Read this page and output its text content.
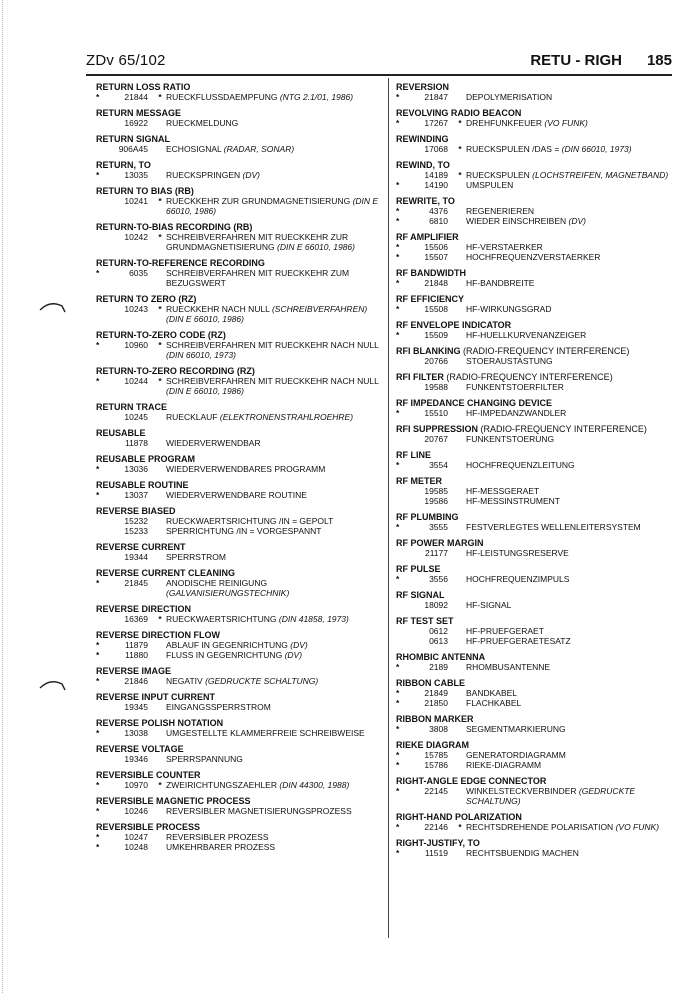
ZDv 65/102	RETU - RIGH 185
RETURN LOSS RATIO
*	21844	* RUECKFLUSSDAEMPFUNG (NTG 2.1/01, 1986)
RETURN MESSAGE
16922	RUECKMELDUNG
RETURN SIGNAL
906A45	ECHOSIGNAL (RADAR, SONAR)
RETURN, TO
*	13035	RUECKSPRINGEN (DV)
RETURN TO BIAS (RB)
10241	* RUECKKEHR ZUR GRUNDMAGNETISIERUNG (DIN E 66010, 1986)
RETURN-TO-BIAS RECORDING (RB)
10242	* SCHREIBVERFAHREN MIT RUECKKEHR ZUR GRUNDMAGNETISIERUNG (DIN E 66010, 1986)
RETURN-TO-REFERENCE RECORDING
*	6035	SCHREIBVERFAHREN MIT RUECKKEHR ZUM BEZUGSWERT
RETURN TO ZERO (RZ)
10243	* RUECKKEHR NACH NULL (SCHREIBVERFAHREN) (DIN E 66010, 1986)
RETURN-TO-ZERO CODE (RZ)
*	10960	* SCHREIBVERFAHREN MIT RUECKKEHR NACH NULL (DIN 66010, 1973)
RETURN-TO-ZERO RECORDING (RZ)
*	10244	* SCHREIBVERFAHREN MIT RUECKKEHR NACH NULL (DIN E 66010, 1986)
RETURN TRACE
10245	RUECKLAUF (ELEKTRONENSTRAHLROEHRE)
REUSABLE
11878	WIEDERVERWENDBAR
REUSABLE PROGRAM
*	13036	WIEDERVERWENDBARES PROGRAMM
REUSABLE ROUTINE
*	13037	WIEDERVERWENDBARE ROUTINE
REVERSE BIASED
15232	RUECKWAERTSRICHTUNG /IN = GEPOLT
15233	SPERRICHTUNG /IN = VORGESPANNT
REVERSE CURRENT
19344	SPERRSTROM
REVERSE CURRENT CLEANING
*	21845	ANODISCHE REINIGUNG (GALVANISIERUNGSTECHNIK)
REVERSE DIRECTION
16369	* RUECKWAERTSRICHTUNG (DIN 41858, 1973)
REVERSE DIRECTION FLOW
*	11879	ABLAUF IN GEGENRICHTUNG (DV)
*	11880	FLUSS IN GEGENRICHTUNG (DV)
REVERSE IMAGE
*	21846	NEGATIV (GEDRUCKTE SCHALTUNG)
REVERSE INPUT CURRENT
19345	EINGANGSSPERRSTROM
REVERSE POLISH NOTATION
*	13038	UMGESTELLTE KLAMMERFREIE SCHREIBWEISE
REVERSE VOLTAGE
19346	SPERRSPANNUNG
REVERSIBLE COUNTER
*	10970	* ZWEIRICHTUNGSZAEHLER (DIN 44300, 1988)
REVERSIBLE MAGNETIC PROCESS
*	10246	REVERSIBLER MAGNETISIERUNGSPROZESS
REVERSIBLE PROCESS
*	10247	REVERSIBLER PROZESS
*	10248	UMKEHRBARER PROZESS
REVERSION
*	21847	DEPOLYMERISATION
REVOLVING RADIO BEACON
*	17267	* DREHFUNKFEUER (VO FUNK)
REWINDING
17068	* RUECKSPULEN /DAS = (DIN 66010, 1973)
REWIND, TO
14189	* RUECKSPULEN (LOCHSTREIFEN, MAGNETBAND)
*	14190	UMSPULEN
REWRITE, TO
*	4376	REGENERIEREN
*	6810	WIEDER EINSCHREIBEN (DV)
RF AMPLIFIER
*	15506	HF-VERSTAERKER
*	15507	HOCHFREQUENZVERSTAERKER
RF BANDWIDTH
*	21848	HF-BANDBREITE
RF EFFICIENCY
*	15508	HF-WIRKUNGSGRAD
RF ENVELOPE INDICATOR
*	15509	HF-HUELLKURVENANZEIGER
RFI BLANKING (RADIO-FREQUENCY INTERFERENCE)
20766	STOERAUSTASTUNG
RFI FILTER (RADIO-FREQUENCY INTERFERENCE)
19588	FUNKENTSTOERFILTER
RF IMPEDANCE CHANGING DEVICE
*	15510	HF-IMPEDANZWANDLER
RFI SUPPRESSION (RADIO-FREQUENCY INTERFERENCE)
20767	FUNKENTSTOERUNG
RF LINE
*	3554	HOCHFREQUENZLEITUNG
RF METER
19585	HF-MESSGERAET
19586	HF-MESSINSTRUMENT
RF PLUMBING
*	3555	FESTVERLEGTES WELLENLEITERSYSTEM
RF POWER MARGIN
21177	HF-LEISTUNGSRESERVE
RF PULSE
*	3556	HOCHFREQUENZIMPULS
RF SIGNAL
18092	HF-SIGNAL
RF TEST SET
0612	HF-PRUEFGERAET
0613	HF-PRUEFGERAETESATZ
RHOMBIC ANTENNA
*	2189	RHOMBUSANTENNE
RIBBON CABLE
*	21849	BANDKABEL
*	21850	FLACHKABEL
RIBBON MARKER
*	3808	SEGMENTMARKIERUNG
RIEKE DIAGRAM
*	15785	GENERATORDIAGRAMM
*	15786	RIEKE-DIAGRAMM
RIGHT-ANGLE EDGE CONNECTOR
*	22145	WINKELSTECKVERBINDER (GEDRUCKTE SCHALTUNG)
RIGHT-HAND POLARIZATION
*	22146	* RECHTSDREHENDE POLARISATION (VO FUNK)
RIGHT-JUSTIFY, TO
*	11519	RECHTSBUENDIG MACHEN
